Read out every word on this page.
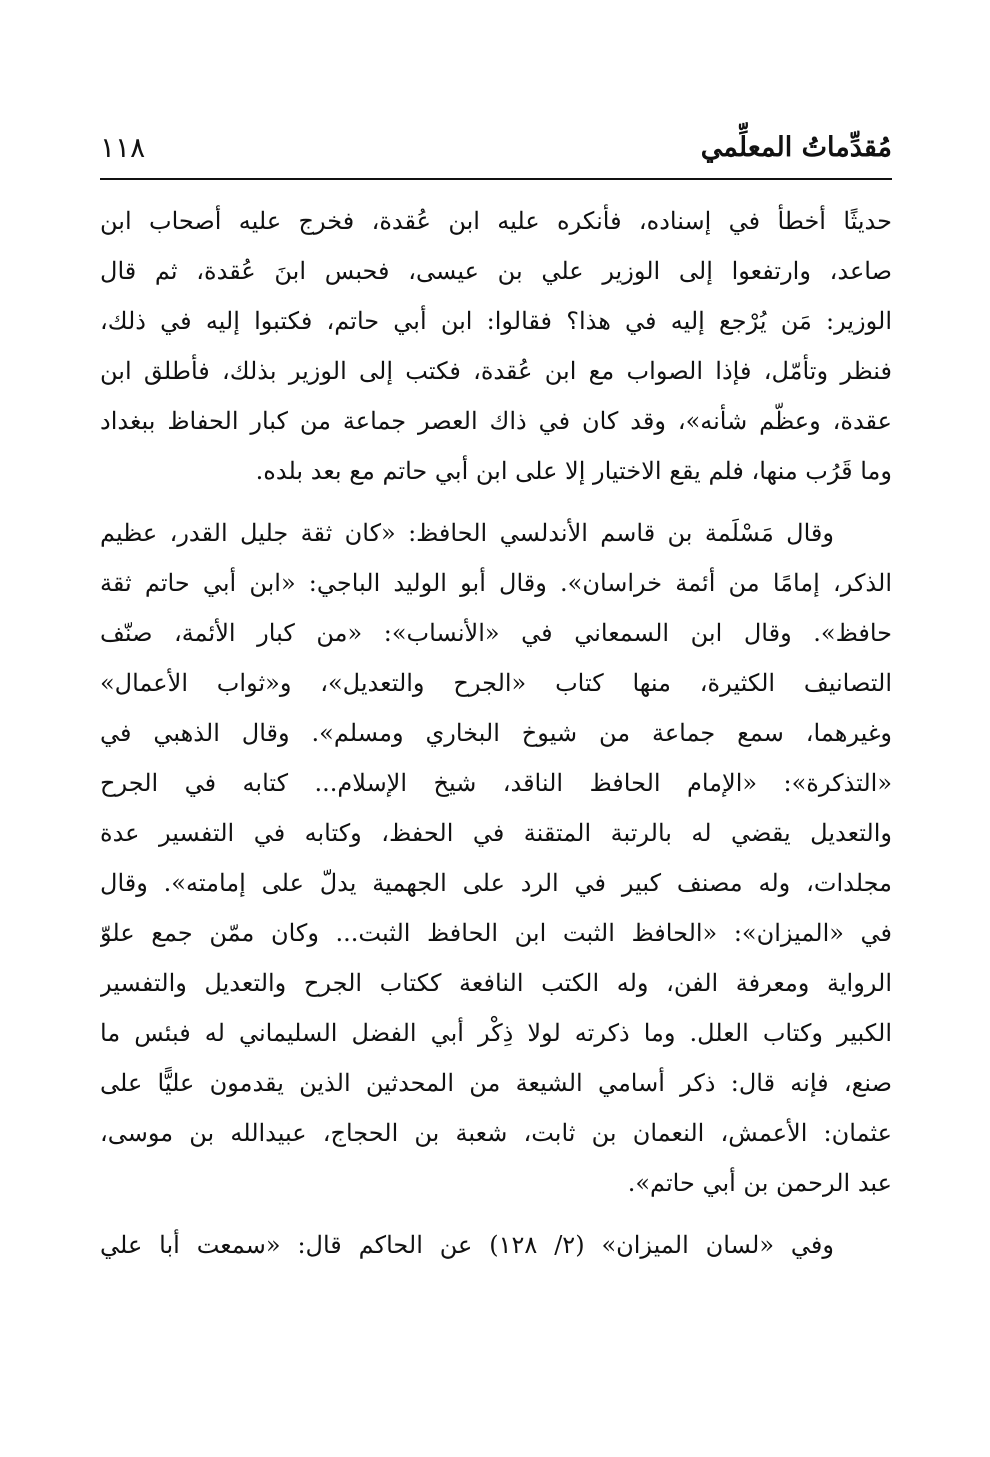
مُقدِّماتُ المعلِّمي
١١٨
حديثًا أخطأ في إسناده، فأنكره عليه ابن عُقدة، فخرج عليه أصحاب ابن
صاعد، وارتفعوا إلى الوزير علي بن عيسى، فحبس ابنَ عُقدة، ثم قال
الوزير: مَن يُرْجع إليه في هذا؟ فقالوا: ابن أبي حاتم، فكتبوا إليه في ذلك،
فنظر وتأمّل، فإذا الصواب مع ابن عُقدة، فكتب إلى الوزير بذلك، فأطلق ابن
عقدة، وعظّم شأنه»، وقد كان في ذاك العصر جماعة من كبار الحفاظ ببغداد
وما قَرُب منها، فلم يقع الاختيار إلا على ابن أبي حاتم مع بعد بلده.
وقال مَسْلَمة بن قاسم الأندلسي الحافظ: «كان ثقة جليل القدر، عظيم
الذكر، إمامًا من أئمة خراسان». وقال أبو الوليد الباجي: «ابن أبي حاتم ثقة
حافظ». وقال ابن السمعاني في «الأنساب»: «من كبار الأئمة، صنّف
التصانيف الكثيرة، منها كتاب «الجرح والتعديل»، و«ثواب الأعمال»
وغيرهما، سمع جماعة من شيوخ البخاري ومسلم». وقال الذهبي في
«التذكرة»: «الإمام الحافظ الناقد، شيخ الإسلام... كتابه في الجرح
والتعديل يقضي له بالرتبة المتقنة في الحفظ، وكتابه في التفسير عدة
مجلدات، وله مصنف كبير في الرد على الجهمية يدلّ على إمامته». وقال
في «الميزان»: «الحافظ الثبت ابن الحافظ الثبت... وكان ممّن جمع علوّ
الرواية ومعرفة الفن، وله الكتب النافعة ككتاب الجرح والتعديل والتفسير
الكبير وكتاب العلل. وما ذكرته لولا ذِكْر أبي الفضل السليماني له فبئس ما
صنع، فإنه قال: ذكر أسامي الشيعة من المحدثين الذين يقدمون عليًّا على
عثمان: الأعمش، النعمان بن ثابت، شعبة بن الحجاج، عبيدالله بن موسى،
عبد الرحمن بن أبي حاتم».
وفي «لسان الميزان» (٢/ ١٢٨) عن الحاكم قال: «سمعت أبا علي
